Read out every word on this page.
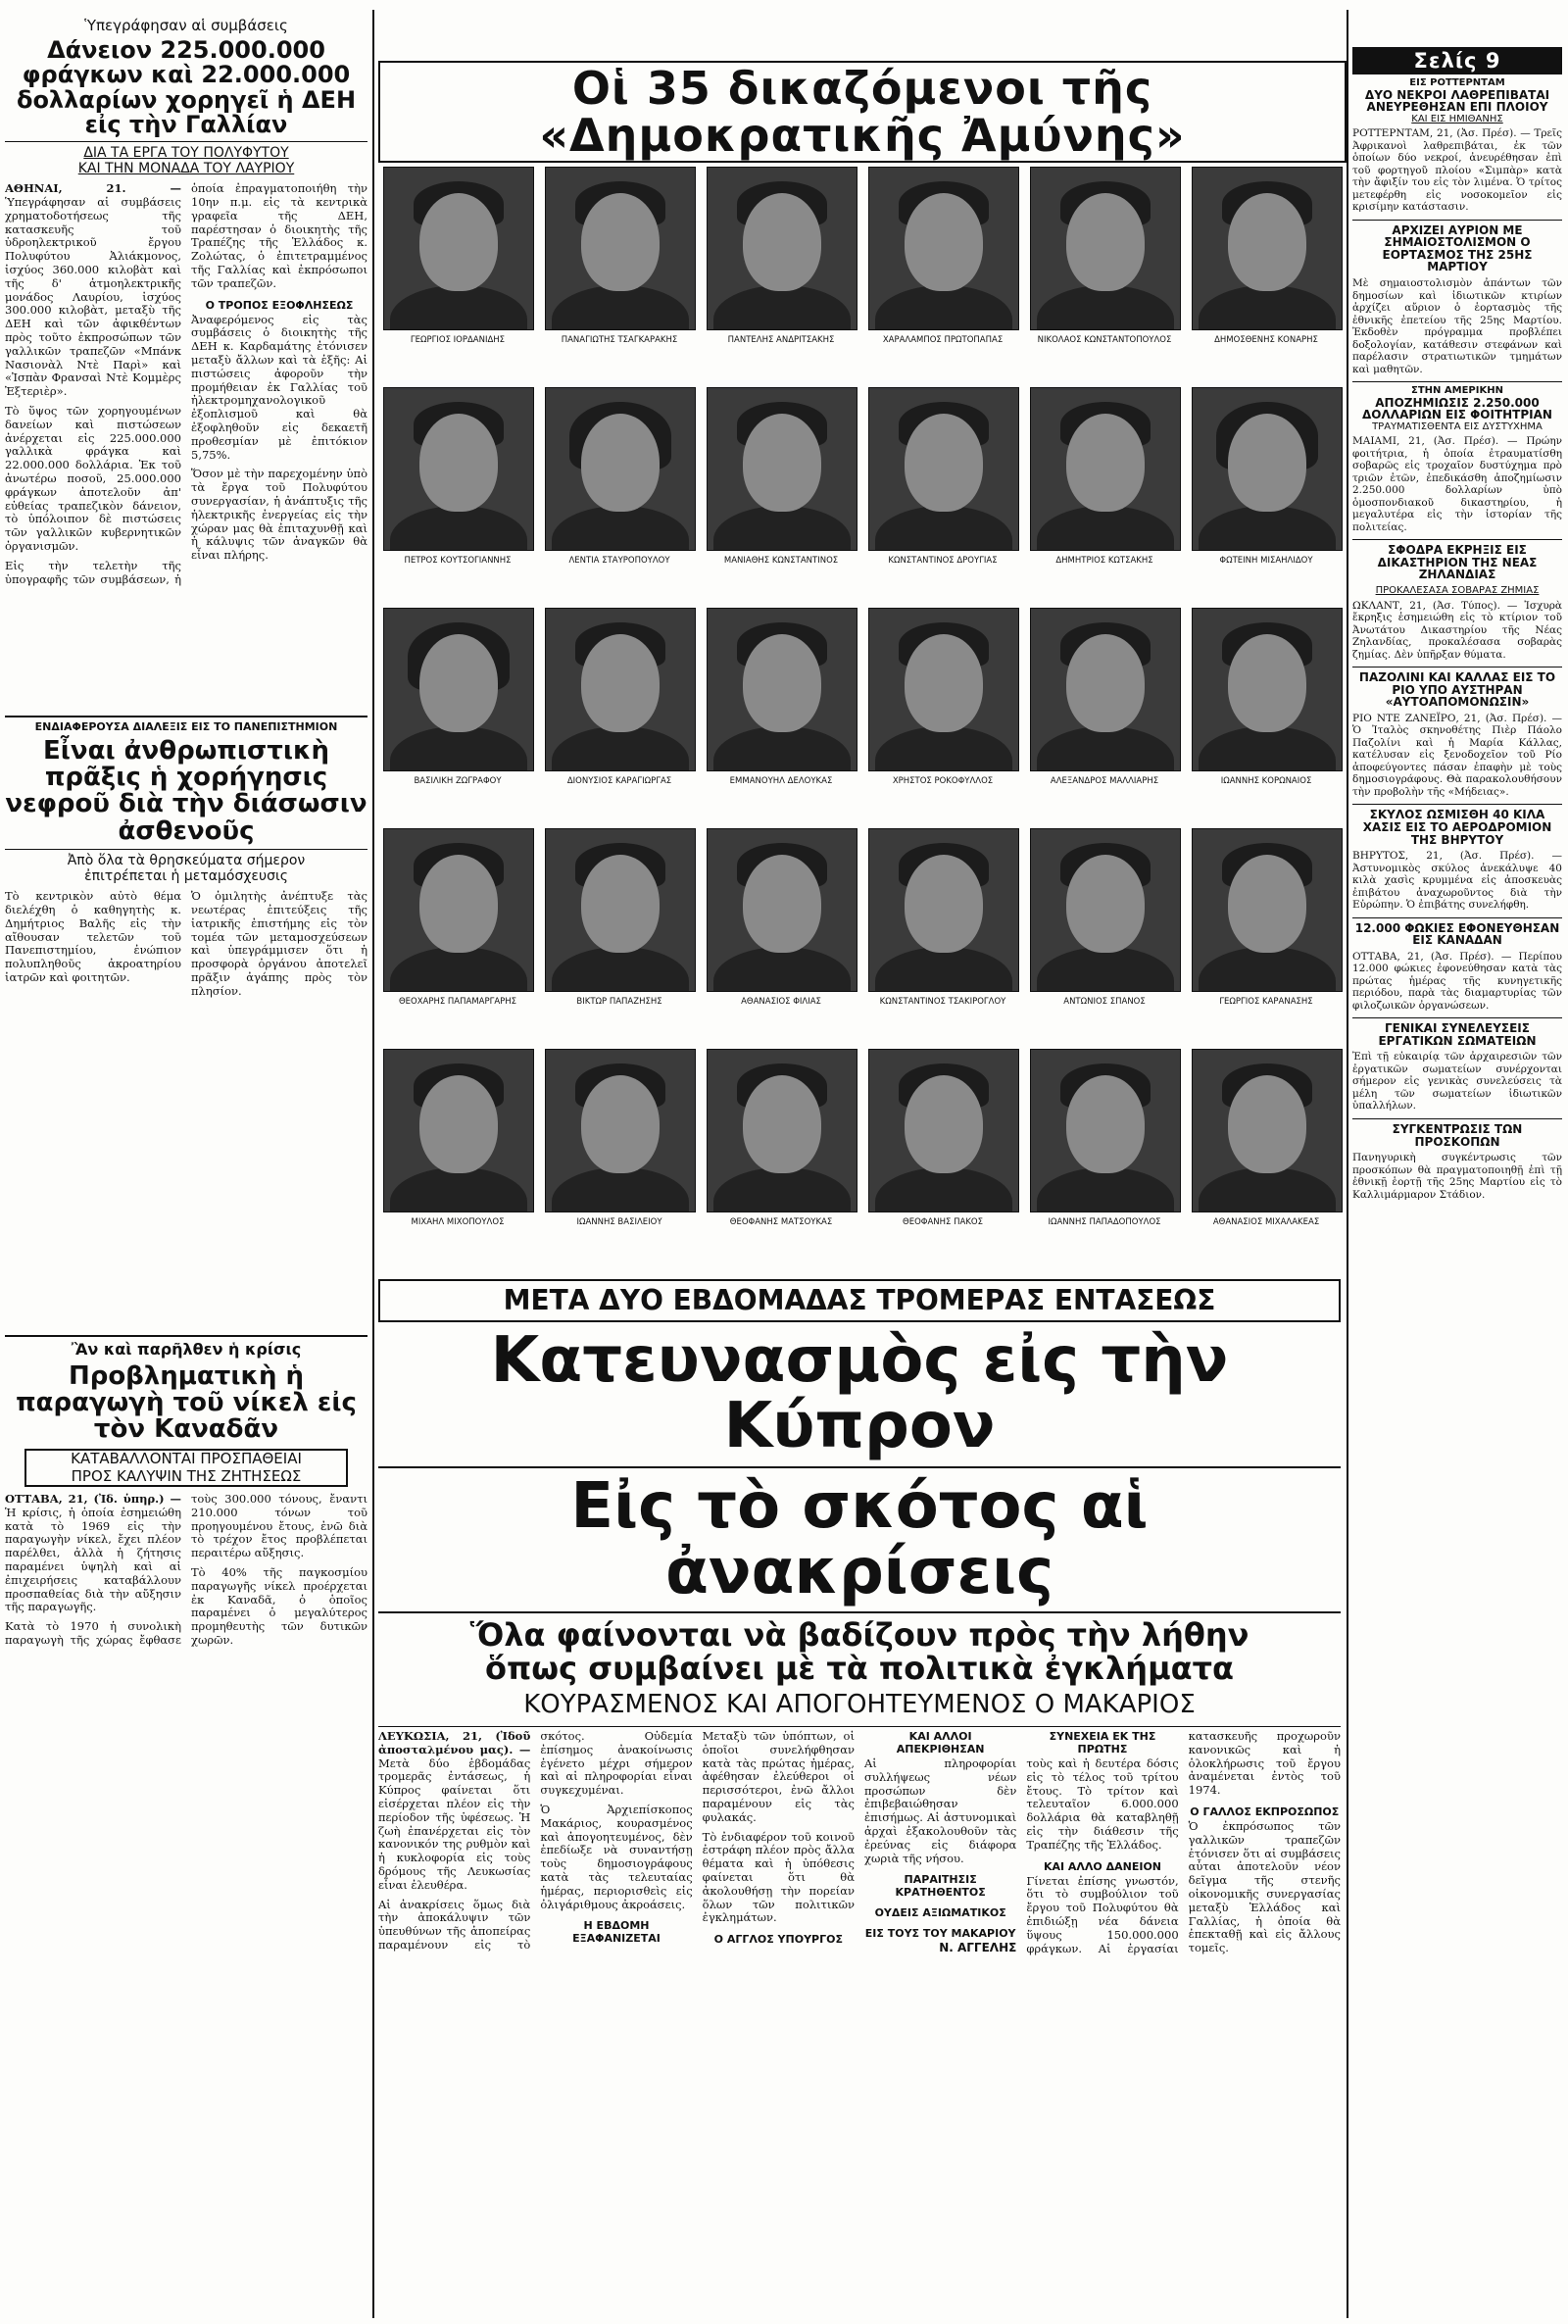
Ὑπεγράφησαν αἱ συμβάσεις

Δάνειον 225.000.000 φράγκων καὶ 22.000.000 δολλαρίων χορηγεῖ ἡ ΔΕΗ εἰς τὴν Γαλλίαν

ΔΙΑ ΤΑ ΕΡΓΑ ΤΟΥ ΠΟΛΥΦΥΤΟΥ

ΚΑΙ ΤΗΝ ΜΟΝΑΔΑ ΤΟΥ ΛΑΥΡΙΟΥ

ΑΘΗΝΑΙ, 21. — Ὑπεγράφησαν αἱ συμβάσεις χρηματοδοτήσεως τῆς κατασκευῆς τοῦ ὑδροηλεκτρικοῦ ἔργου Πολυφύτου Ἀλιάκμονος, ἰσχύος 360.000 κιλοβὰτ καὶ τῆς δ' ἀτμοηλεκτρικῆς μονάδος Λαυρίου, ἰσχύος 300.000 κιλοβὰτ, μεταξὺ τῆς ΔΕΗ καὶ τῶν ἀφικθέντων πρὸς τοῦτο ἐκπροσώπων τῶν γαλλικῶν τραπεζῶν «Μπάνκ Νασιονὰλ Ντὲ Παρὶ» καὶ «Ἰσπὰν Φρανσαὶ Ντὲ Κομμὲρς Ἐξτεριὲρ».

Τὸ ὕψος τῶν χορηγουμένων δανείων καὶ πιστώσεων ἀνέρχεται εἰς 225.000.000 γαλλικὰ φράγκα καὶ 22.000.000 δολλάρια. Ἐκ τοῦ ἀνωτέρω ποσοῦ, 25.000.000 φράγκων ἀποτελοῦν ἀπ' εὐθείας τραπεζικὸν δάνειον, τὸ ὑπόλοιπον δὲ πιστώσεις τῶν γαλλικῶν κυβερνητικῶν ὀργανισμῶν.

Εἰς τὴν τελετὴν τῆς ὑπογραφῆς τῶν συμβάσεων, ἡ ὁποία ἐπραγματοποιήθη τὴν 10ην π.μ. εἰς τὰ κεντρικὰ γραφεῖα τῆς ΔΕΗ, παρέστησαν ὁ διοικητὴς τῆς Τραπέζης τῆς Ἑλλάδος κ. Ζολώτας, ὁ ἐπιτετραμμένος τῆς Γαλλίας καὶ ἐκπρόσωποι τῶν τραπεζῶν.

Ο ΤΡΟΠΟΣ ΕΞΟΦΛΗΣΕΩΣ

Ἀναφερόμενος εἰς τὰς συμβάσεις ὁ διοικητὴς τῆς ΔΕΗ κ. Καρδαμάτης ἐτόνισεν μεταξὺ ἄλλων καὶ τὰ ἑξῆς: Αἱ πιστώσεις ἀφοροῦν τὴν προμήθειαν ἐκ Γαλλίας τοῦ ἠλεκτρομηχανολογικοῦ ἐξοπλισμοῦ καὶ θὰ ἐξοφληθοῦν εἰς δεκαετῆ προθεσμίαν μὲ ἐπιτόκιον 5,75%.

Ὅσον μὲ τὴν παρεχομένην ὑπὸ τὰ ἔργα τοῦ Πολυφύτου συνεργασίαν, ἡ ἀνάπτυξις τῆς ἠλεκτρικῆς ἐνεργείας εἰς τὴν χώραν μας θὰ ἐπιταχυνθῇ καὶ ἡ κάλυψις τῶν ἀναγκῶν θὰ εἶναι πλήρης.

ΕΝΔΙΑΦΕΡΟΥΣΑ ΔΙΑΛΕΞΙΣ ΕΙΣ ΤΟ ΠΑΝΕΠΙΣΤΗΜΙΟΝ

Εἶναι ἀνθρωπιστικὴ πρᾶξις ἡ χορήγησις νεφροῦ διὰ τὴν διάσωσιν ἀσθενοῦς

Ἀπὸ ὅλα τὰ θρησκεύματα σήμερον

ἐπιτρέπεται ἡ μεταμόσχευσις

Τὸ κεντρικὸν αὐτὸ θέμα διελέχθη ὁ καθηγητὴς κ. Δημήτριος Βαλῆς εἰς τὴν αἴθουσαν τελετῶν τοῦ Πανεπιστημίου, ἐνώπιον πολυπληθοῦς ἀκροατηρίου ἰατρῶν καὶ φοιτητῶν.

Ὁ ὁμιλητὴς ἀνέπτυξε τὰς νεωτέρας ἐπιτεύξεις τῆς ἰατρικῆς ἐπιστήμης εἰς τὸν τομέα τῶν μεταμοσχεύσεων καὶ ὑπεγράμμισεν ὅτι ἡ προσφορὰ ὀργάνου ἀποτελεῖ πρᾶξιν ἀγάπης πρὸς τὸν πλησίον.

Ἂν καὶ παρῆλθεν ἡ κρίσις

Προβληματικὴ ἡ παραγωγὴ τοῦ νίκελ εἰς τὸν Καναδᾶν

ΚΑΤΑΒΑΛΛΟΝΤΑΙ ΠΡΟΣΠΑΘΕΙΑΙ

ΠΡΟΣ ΚΑΛΥΨΙΝ ΤΗΣ ΖΗΤΗΣΕΩΣ

ΟΤΤΑΒΑ, 21, (Ἰδ. ὑπηρ.) — Ἡ κρίσις, ἡ ὁποία ἐσημειώθη κατὰ τὸ 1969 εἰς τὴν παραγωγὴν νίκελ, ἔχει πλέον παρέλθει, ἀλλὰ ἡ ζήτησις παραμένει ὑψηλὴ καὶ αἱ ἐπιχειρήσεις καταβάλλουν προσπαθείας διὰ τὴν αὔξησιν τῆς παραγωγῆς.

Κατὰ τὸ 1970 ἡ συνολικὴ παραγωγὴ τῆς χώρας ἔφθασε τοὺς 300.000 τόνους, ἔναντι 210.000 τόνων τοῦ προηγουμένου ἔτους, ἐνῶ διὰ τὸ τρέχον ἔτος προβλέπεται περαιτέρω αὔξησις.

Τὸ 40% τῆς παγκοσμίου παραγωγῆς νίκελ προέρχεται ἐκ Καναδᾶ, ὁ ὁποῖος παραμένει ὁ μεγαλύτερος προμηθευτὴς τῶν δυτικῶν χωρῶν.

Οἱ 35 δικαζόμενοι τῆς «Δημοκρατικῆς Ἀμύνης»
ΓΕΩΡΓΙΟΣ ΙΟΡΔΑΝΙΔΗΣ	ΠΑΝΑΓΙΩΤΗΣ ΤΣΑΓΚΑΡΑΚΗΣ	ΠΑΝΤΕΛΗΣ ΑΝΔΡΙΤΣΑΚΗΣ	ΧΑΡΑΛΑΜΠΟΣ ΠΡΩΤΟΠΑΠΑΣ	ΝΙΚΟΛΑΟΣ ΚΩΝΣΤΑΝΤΟΠΟΥΛΟΣ	ΔΗΜΟΣΘΕΝΗΣ ΚΟΝΑΡΗΣ
ΠΕΤΡΟΣ ΚΟΥΤΣΟΓΙΑΝΝΗΣ	ΛΕΝΤΙΑ ΣΤΑΥΡΟΠΟΥΛΟΥ	ΜΑΝΙΑΘΗΣ ΚΩΝΣΤΑΝΤΙΝΟΣ	ΚΩΝΣΤΑΝΤΙΝΟΣ ΔΡΟΥΓΙΑΣ	ΔΗΜΗΤΡΙΟΣ ΚΩΤΣΑΚΗΣ	ΦΩΤΕΙΝΗ ΜΙΣΑΗΛΙΔΟΥ
ΒΑΣΙΛΙΚΗ ΖΩΓΡΑΦΟΥ	ΔΙΟΝΥΣΙΟΣ ΚΑΡΑΓΙΩΡΓΑΣ	ΕΜΜΑΝΟΥΗΛ ΔΕΛΟΥΚΑΣ	ΧΡΗΣΤΟΣ ΡΟΚΟΦΥΛΛΟΣ	ΑΛΕΞΑΝΔΡΟΣ ΜΑΛΛΙΑΡΗΣ	ΙΩΑΝΝΗΣ ΚΟΡΩΝΑΙΟΣ
ΘΕΟΧΑΡΗΣ ΠΑΠΑΜΑΡΓΑΡΗΣ	ΒΙΚΤΩΡ ΠΑΠΑΖΗΣΗΣ	ΑΘΑΝΑΣΙΟΣ ΦΙΛΙΑΣ	ΚΩΝΣΤΑΝΤΙΝΟΣ ΤΣΑΚΙΡΟΓΛΟΥ	ΑΝΤΩΝΙΟΣ ΣΠΑΝΟΣ	ΓΕΩΡΓΙΟΣ ΚΑΡΑΝΑΣΗΣ
ΜΙΧΑΗΛ ΜΙΧΟΠΟΥΛΟΣ	ΙΩΑΝΝΗΣ ΒΑΣΙΛΕΙΟΥ	ΘΕΟΦΑΝΗΣ ΜΑΤΣΟΥΚΑΣ	ΘΕΟΦΑΝΗΣ ΠΑΚΟΣ	ΙΩΑΝΝΗΣ ΠΑΠΑΔΟΠΟΥΛΟΣ	ΑΘΑΝΑΣΙΟΣ ΜΙΧΑΛΑΚΕΑΣ

ΜΕΤΑ ΔΥΟ ΕΒΔΟΜΑΔΑΣ ΤΡΟΜΕΡΑΣ ΕΝΤΑΣΕΩΣ

Κατευνασμὸς εἰς τὴν Κύπρον
Εἰς τὸ σκότος αἱ ἀνακρίσεις
Ὅλα φαίνονται νὰ βαδίζουν πρὸς τὴν λήθην ὅπως συμβαίνει μὲ τὰ πολιτικὰ ἐγκλήματα

ΚΟΥΡΑΣΜΕΝΟΣ ΚΑΙ ΑΠΟΓΟΗΤΕΥΜΕΝΟΣ Ο ΜΑΚΑΡΙΟΣ

ΛΕΥΚΩΣΙΑ, 21, (Ἰδοῦ ἀποσταλμένου μας). — Μετὰ δύο ἑβδομάδας τρομερᾶς ἐντάσεως, ἡ Κύπρος φαίνεται ὅτι εἰσέρχεται πλέον εἰς τὴν περίοδον τῆς ὑφέσεως. Ἡ ζωὴ ἐπανέρχεται εἰς τὸν κανονικόν της ρυθμὸν καὶ ἡ κυκλοφορία εἰς τοὺς δρόμους τῆς Λευκωσίας εἶναι ἐλευθέρα.

Αἱ ἀνακρίσεις ὅμως διὰ τὴν ἀποκάλυψιν τῶν ὑπευθύνων τῆς ἀποπείρας παραμένουν εἰς τὸ σκότος. Οὐδεμία ἐπίσημος ἀνακοίνωσις ἐγένετο μέχρι σήμερον καὶ αἱ πληροφορίαι εἶναι συγκεχυμέναι.

Ὁ Ἀρχιεπίσκοπος Μακάριος, κουρασμένος καὶ ἀπογοητευμένος, δὲν ἐπεδίωξε νὰ συναντήσῃ τοὺς δημοσιογράφους κατὰ τὰς τελευταίας ἡμέρας, περιορισθεὶς εἰς ὀλιγάριθμους ἀκροάσεις.

Η ΕΒΔΟΜΗ ΕΞΑΦΑΝΙΖΕΤΑΙ

Μεταξὺ τῶν ὑπόπτων, οἱ ὁποῖοι συνελήφθησαν κατὰ τὰς πρώτας ἡμέρας, ἀφέθησαν ἐλεύθεροι οἱ περισσότεροι, ἐνῶ ἄλλοι παραμένουν εἰς τὰς φυλακάς.

Τὸ ἐνδιαφέρον τοῦ κοινοῦ ἐστράφη πλέον πρὸς ἄλλα θέματα καὶ ἡ ὑπόθεσις φαίνεται ὅτι θὰ ἀκολουθήσῃ τὴν πορείαν ὅλων τῶν πολιτικῶν ἐγκλημάτων.

Ο ΑΓΓΛΟΣ ΥΠΟΥΡΓΟΣ

ΚΑΙ ΑΛΛΟΙ ΑΠΕΚΡΙΘΗΣΑΝ

Αἱ πληροφορίαι συλλήψεως νέων προσώπων δὲν ἐπιβεβαιώθησαν ἐπισήμως. Αἱ ἀστυνομικαὶ ἀρχαὶ ἐξακολουθοῦν τὰς ἐρεύνας εἰς διάφορα χωριὰ τῆς νήσου.

ΠΑΡΑΙΤΗΣΙΣ ΚΡΑΤΗΘΕΝΤΟΣ

ΟΥΔΕΙΣ ΑΞΙΩΜΑΤΙΚΟΣ

ΕΙΣ ΤΟΥΣ ΤΟΥ ΜΑΚΑΡΙΟΥ

Ν. ΑΓΓΕΛΗΣ

ΣΥΝΕΧΕΙΑ ΕΚ ΤΗΣ ΠΡΩΤΗΣ

τοὺς καὶ ἡ δευτέρα δόσις εἰς τὸ τέλος τοῦ τρίτου ἔτους. Τὸ τρίτον καὶ τελευταῖον 6.000.000 δολλάρια θὰ καταβληθῇ εἰς τὴν διάθεσιν τῆς Τραπέζης τῆς Ἑλλάδος.

ΚΑΙ ΑΛΛΟ ΔΑΝΕΙΟΝ

Γίνεται ἐπίσης γνωστόν, ὅτι τὸ συμβούλιον τοῦ ἔργου τοῦ Πολυφύτου θὰ ἐπιδιώξῃ νέα δάνεια ὕψους 150.000.000 φράγκων. Αἱ ἐργασίαι κατασκευῆς προχωροῦν κανονικῶς καὶ ἡ ὁλοκλήρωσις τοῦ ἔργου ἀναμένεται ἐντὸς τοῦ 1974.

Ο ΓΑΛΛΟΣ ΕΚΠΡΟΣΩΠΟΣ

Ὁ ἐκπρόσωπος τῶν γαλλικῶν τραπεζῶν ἐτόνισεν ὅτι αἱ συμβάσεις αὗται ἀποτελοῦν νέον δεῖγμα τῆς στενῆς οἰκονομικῆς συνεργασίας μεταξὺ Ἑλλάδος καὶ Γαλλίας, ἡ ὁποία θὰ ἐπεκταθῇ καὶ εἰς ἄλλους τομεῖς.

Σελίς 9

ΕΙΣ ΡΟΤΤΕΡΝΤΑΜ

ΔΥΟ ΝΕΚΡΟΙ ΛΑΘΡΕΠΙΒΑΤΑΙ ΑΝΕΥΡΕΘΗΣΑΝ ΕΠΙ ΠΛΟΙΟΥ

ΚΑΙ ΕΙΣ ΗΜΙΘΑΝΗΣ

ΡΟΤΤΕΡΝΤΑΜ, 21, (Ἀσ. Πρέσ). — Τρεῖς Ἀφρικανοὶ λαθρεπιβάται, ἐκ τῶν ὁποίων δύο νεκροί, ἀνευρέθησαν ἐπὶ τοῦ φορτηγοῦ πλοίου «Σιμπὰρ» κατὰ τὴν ἄφιξίν του εἰς τὸν λιμένα. Ὁ τρίτος μετεφέρθη εἰς νοσοκομεῖον εἰς κρισίμην κατάστασιν.

ΑΡΧΙΖΕΙ ΑΥΡΙΟΝ ΜΕ ΣΗΜΑΙΟΣΤΟΛΙΣΜΟΝ Ο ΕΟΡΤΑΣΜΟΣ ΤΗΣ 25ΗΣ ΜΑΡΤΙΟΥ

Μὲ σημαιοστολισμὸν ἀπάντων τῶν δημοσίων καὶ ἰδιωτικῶν κτιρίων ἀρχίζει αὔριον ὁ ἑορτασμὸς τῆς ἐθνικῆς ἐπετείου τῆς 25ης Μαρτίου. Ἐκδοθὲν πρόγραμμα προβλέπει δοξολογίαν, κατάθεσιν στεφάνων καὶ παρέλασιν στρατιωτικῶν τμημάτων καὶ μαθητῶν.

ΣΤΗΝ ΑΜΕΡΙΚΗΝ

ΑΠΟΖΗΜΙΩΣΙΣ 2.250.000 ΔΟΛΛΑΡΙΩΝ ΕΙΣ ΦΟΙΤΗΤΡΙΑΝ

ΤΡΑΥΜΑΤΙΣΘΕΝΤΑ ΕΙΣ ΔΥΣΤΥΧΗΜΑ

ΜΑΙΑΜΙ, 21, (Ἀσ. Πρέσ). — Πρώην φοιτήτρια, ἡ ὁποία ἐτραυματίσθη σοβαρῶς εἰς τροχαῖον δυστύχημα πρὸ τριῶν ἐτῶν, ἐπεδικάσθη ἀποζημίωσιν 2.250.000 δολλαρίων ὑπὸ ὁμοσπονδιακοῦ δικαστηρίου, ἡ μεγαλυτέρα εἰς τὴν ἱστορίαν τῆς πολιτείας.

ΣΦΟΔΡΑ ΕΚΡΗΞΙΣ ΕΙΣ ΔΙΚΑΣΤΗΡΙΟΝ ΤΗΣ ΝΕΑΣ ΖΗΛΑΝΔΙΑΣ

ΠΡΟΚΑΛΕΣΑΣΑ ΣΟΒΑΡΑΣ ΖΗΜΙΑΣ

ΩΚΛΑΝΤ, 21, (Ἀσ. Τύπος). — Ἰσχυρὰ ἔκρηξις ἐσημειώθη εἰς τὸ κτίριον τοῦ Ἀνωτάτου Δικαστηρίου τῆς Νέας Ζηλανδίας, προκαλέσασα σοβαρὰς ζημίας. Δὲν ὑπῆρξαν θύματα.

ΠΑΖΟΛΙΝΙ ΚΑΙ ΚΑΛΛΑΣ ΕΙΣ ΤΟ ΡΙΟ ΥΠΟ ΑΥΣΤΗΡΑΝ «ΑΥΤΟΑΠΟΜΟΝΩΣΙΝ»

ΡΙΟ ΝΤΕ ΖΑΝΕΪΡΟ, 21, (Ἀσ. Πρέσ). — Ὁ Ἰταλὸς σκηνοθέτης Πιὲρ Πάολο Παζολίνι καὶ ἡ Μαρία Κάλλας, κατέλυσαν εἰς ξενοδοχεῖον τοῦ Ρίο ἀποφεύγοντες πάσαν ἐπαφὴν μὲ τοὺς δημοσιογράφους. Θὰ παρακολουθήσουν τὴν προβολὴν τῆς «Μήδειας».

ΣΚΥΛΟΣ ΩΣΜΙΣΘΗ 40 ΚΙΛΑ ΧΑΣΙΣ ΕΙΣ ΤΟ ΑΕΡΟΔΡΟΜΙΟΝ ΤΗΣ ΒΗΡΥΤΟΥ

ΒΗΡΥΤΟΣ, 21, (Ἀσ. Πρέσ). — Ἀστυνομικὸς σκύλος ἀνεκάλυψε 40 κιλὰ χασὶς κρυμμένα εἰς ἀποσκευὰς ἐπιβάτου ἀναχωροῦντος διὰ τὴν Εὐρώπην. Ὁ ἐπιβάτης συνελήφθη.

12.000 ΦΩΚΙΕΣ ΕΦΟΝΕΥΘΗΣΑΝ ΕΙΣ ΚΑΝΑΔΑΝ

ΟΤΤΑΒΑ, 21, (Ἀσ. Πρέσ). — Περίπου 12.000 φώκιες ἐφονεύθησαν κατὰ τὰς πρώτας ἡμέρας τῆς κυνηγετικῆς περιόδου, παρὰ τὰς διαμαρτυρίας τῶν φιλοζωικῶν ὀργανώσεων.

ΓΕΝΙΚΑΙ ΣΥΝΕΛΕΥΣΕΙΣ ΕΡΓΑΤΙΚΩΝ ΣΩΜΑΤΕΙΩΝ

Ἐπὶ τῇ εὐκαιρίᾳ τῶν ἀρχαιρεσιῶν τῶν ἐργατικῶν σωματείων συνέρχονται σήμερον εἰς γενικὰς συνελεύσεις τὰ μέλη τῶν σωματείων ἰδιωτικῶν ὑπαλλήλων.

ΣΥΓΚΕΝΤΡΩΣΙΣ ΤΩΝ ΠΡΟΣΚΟΠΩΝ

Πανηγυρικὴ συγκέντρωσις τῶν προσκόπων θὰ πραγματοποιηθῇ ἐπὶ τῇ ἐθνικῇ ἑορτῇ τῆς 25ης Μαρτίου εἰς τὸ Καλλιμάρμαρον Στάδιον.
